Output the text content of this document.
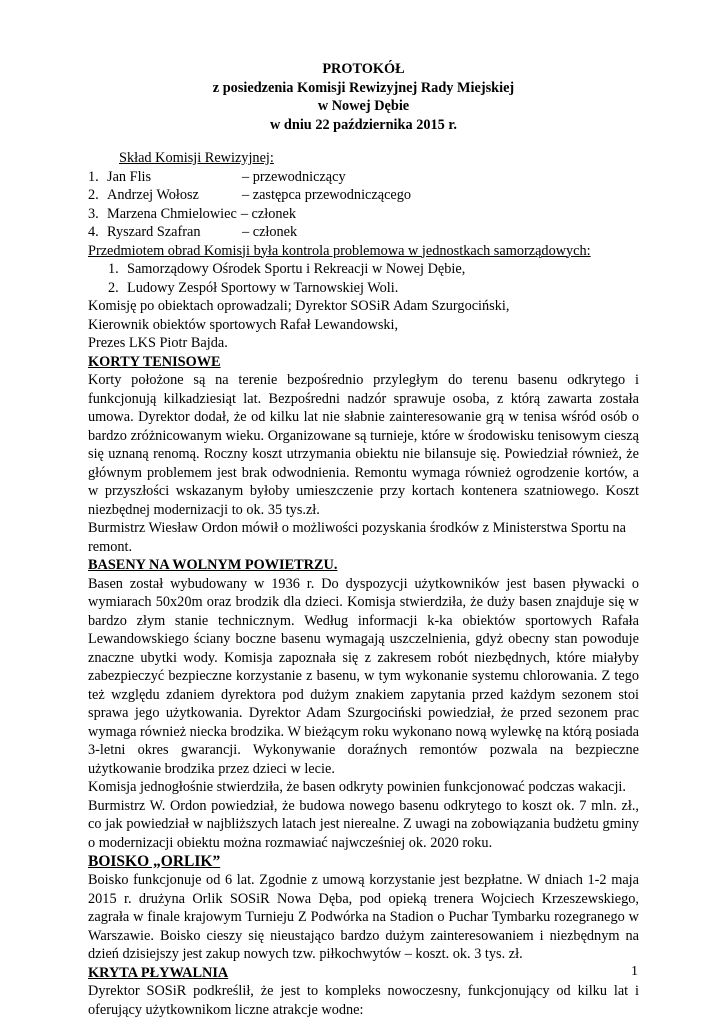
PROTOKÓŁ

z posiedzenia Komisji Rewizyjnej Rady Miejskiej

w Nowej Dębie

w dniu 22 października 2015 r.

Skład Komisji Rewizyjnej:

1. Jan Flis	– przewodniczący
2. Andrzej Wołosz	– zastępca przewodniczącego
3. Marzena Chmielowiec – członek
4. Ryszard Szafran	– członek

Przedmiotem obrad Komisji była kontrola problemowa w jednostkach samorządowych:

1. Samorządowy Ośrodek Sportu i Rekreacji w Nowej Dębie,
2. Ludowy Zespół Sportowy w Tarnowskiej Woli.

Komisję po obiektach oprowadzali; Dyrektor SOSiR Adam Szurgociński,

Kierownik obiektów sportowych Rafał Lewandowski,

Prezes LKS Piotr Bajda.

KORTY TENISOWE

Korty położone są na terenie bezpośrednio przyległym do terenu basenu odkrytego i funkcjonują kilkadziesiąt lat. Bezpośredni nadzór sprawuje osoba, z którą zawarta została umowa. Dyrektor dodał, że od kilku lat nie słabnie zainteresowanie grą w tenisa wśród osób o bardzo zróżnicowanym wieku. Organizowane są turnieje, które w środowisku tenisowym cieszą się uznaną renomą. Roczny koszt utrzymania obiektu nie bilansuje się. Powiedział również, że głównym problemem jest brak odwodnienia. Remontu wymaga również ogrodzenie kortów, a w przyszłości wskazanym byłoby umieszczenie przy kortach kontenera szatniowego. Koszt niezbędnej modernizacji to ok. 35 tys.zł.

Burmistrz Wiesław Ordon mówił o możliwości pozyskania środków z Ministerstwa Sportu na remont.

BASENY NA WOLNYM POWIETRZU.

Basen został wybudowany w 1936 r. Do dyspozycji użytkowników jest basen pływacki o wymiarach 50x20m oraz brodzik dla dzieci. Komisja stwierdziła, że duży basen znajduje się w bardzo złym stanie technicznym. Według informacji k-ka obiektów sportowych Rafała Lewandowskiego ściany boczne basenu wymagają uszczelnienia, gdyż obecny stan powoduje znaczne ubytki wody. Komisja zapoznała się z zakresem robót niezbędnych, które miałyby zabezpieczyć bezpieczne korzystanie z basenu, w tym wykonanie systemu chlorowania. Z tego też względu zdaniem dyrektora pod dużym znakiem zapytania przed każdym sezonem stoi sprawa jego użytkowania. Dyrektor Adam Szurgociński powiedział, że przed sezonem prac wymaga również niecka brodzika. W bieżącym roku wykonano nową wylewkę na którą posiada 3-letni okres gwarancji. Wykonywanie doraźnych remontów pozwala na bezpieczne użytkowanie brodzika przez dzieci w lecie.

Komisja jednogłośnie stwierdziła, że basen odkryty powinien funkcjonować podczas wakacji.

Burmistrz W. Ordon powiedział, że budowa nowego basenu odkrytego to koszt ok. 7 mln. zł., co jak powiedział w najbliższych latach jest nierealne. Z uwagi na zobowiązania budżetu gminy o modernizacji obiektu można rozmawiać najwcześniej ok. 2020 roku.

BOISKO „ORLIK”

Boisko funkcjonuje od 6 lat. Zgodnie z umową korzystanie jest bezpłatne. W dniach 1-2 maja 2015 r. drużyna Orlik SOSiR Nowa Dęba, pod opieką trenera Wojciech Krzeszewskiego, zagrała w finale krajowym Turnieju Z Podwórka na Stadion o Puchar Tymbarku rozegranego w Warszawie. Boisko cieszy się nieustająco bardzo dużym zainteresowaniem i niezbędnym na dzień dzisiejszy jest zakup nowych tzw. piłkochwytów – koszt. ok. 3 tys. zł.

KRYTA PŁYWALNIA

Dyrektor SOSiR podkreślił, że jest to kompleks nowoczesny, funkcjonujący od kilku lat i oferujący użytkownikom liczne atrakcje wodne:

1
